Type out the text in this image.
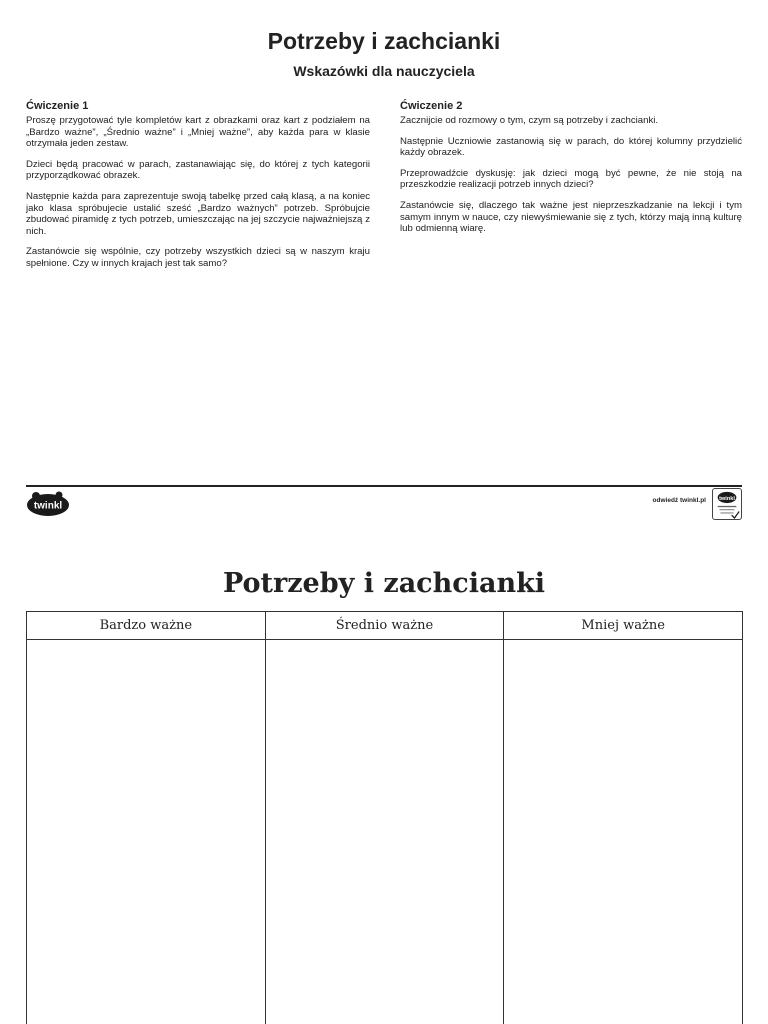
Potrzeby i zachcianki
Wskazówki dla nauczyciela
Ćwiczenie 1

Proszę przygotować tyle kompletów kart z obrazkami oraz kart z podziałem na „Bardzo ważne”, „Średnio ważne” i „Mniej ważne”, aby każda para w klasie otrzymała jeden zestaw.

Dzieci będą pracować w parach, zastanawiając się, do której z tych kategorii przyporządkować obrazek.

Następnie każda para zaprezentuje swoją tabelkę przed całą klasą, a na koniec jako klasa spróbujecie ustalić sześć „Bardzo ważnych” potrzeb. Spróbujcie zbudować piramidę z tych potrzeb, umieszczając na jej szczycie najważniejszą z nich.

Zastanówcie się wspólnie, czy potrzeby wszystkich dzieci są w naszym kraju spełnione. Czy w innych krajach jest tak samo?

Ćwiczenie 2

Zacznijcie od rozmowy o tym, czym są potrzeby i zachcianki.

Następnie Uczniowie zastanowią się w parach, do której kolumny przydzielić każdy obrazek.

Przeprowadźcie dyskusję: jak dzieci mogą być pewne, że nie stoją na przeszkodzie realizacji potrzeb innych dzieci?

Zastanówcie się, dlaczego tak ważne jest nieprzeszkadzanie na lekcji i tym samym innym w nauce, czy niewyśmiewanie się z tych, którzy mają inną kulturę lub odmienną wiarę.

twinkl	odwiedź twinkl.pl twinkl
Potrzeby i zachcianki
Bardzo ważne	Średnio ważne	Mniej ważne
